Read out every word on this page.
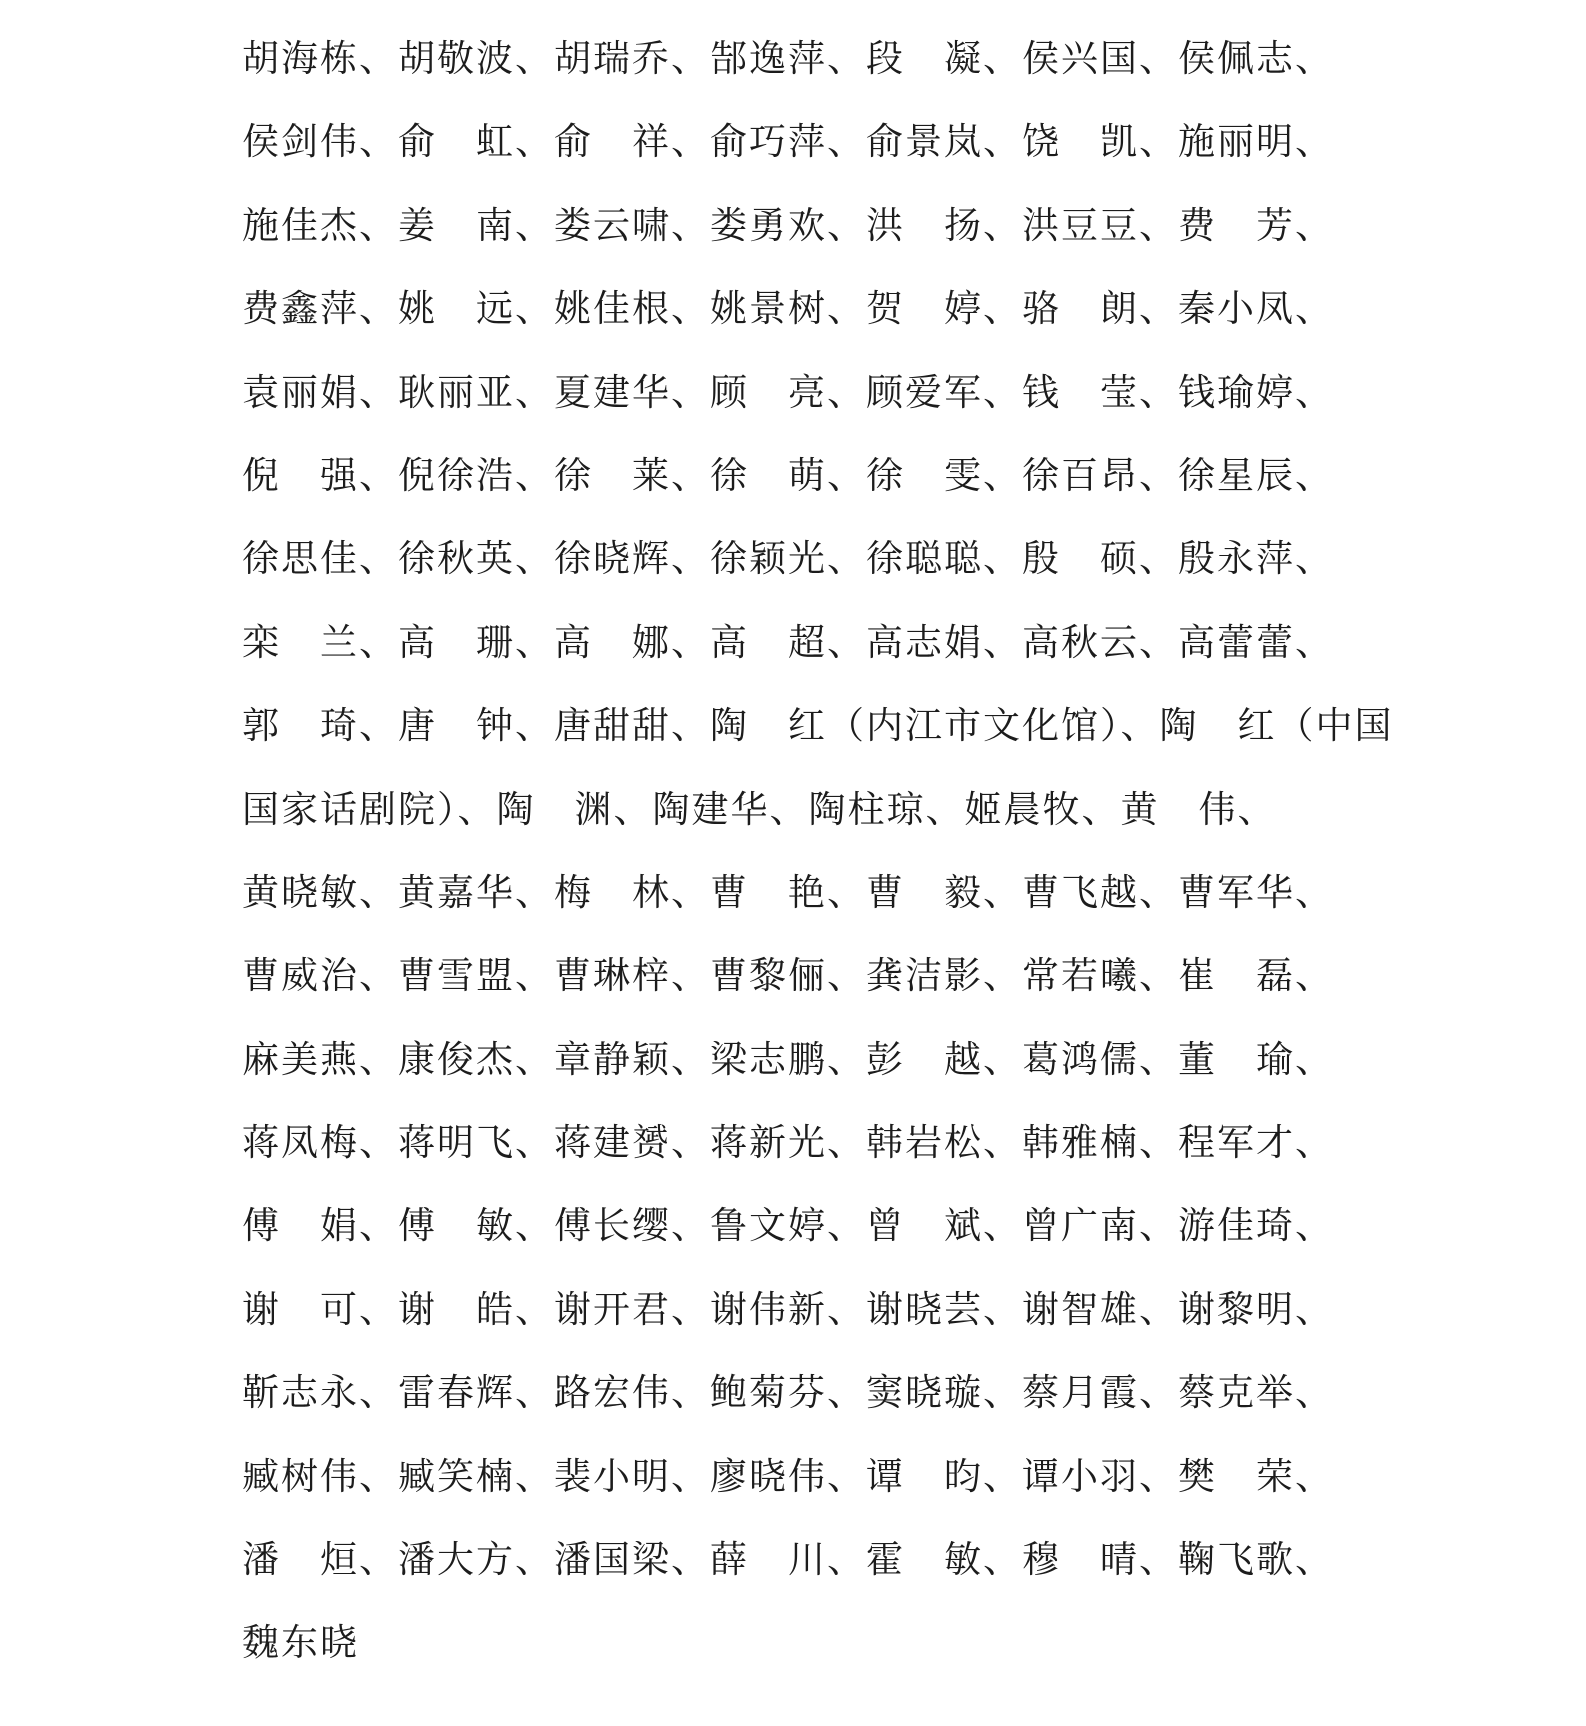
胡海栋、胡敬波、胡瑞乔、郜逸萍、段　凝、侯兴国、侯佩志、
侯剑伟、俞　虹、俞　祥、俞巧萍、俞景岚、饶　凯、施丽明、
施佳杰、姜　南、娄云啸、娄勇欢、洪　扬、洪豆豆、费　芳、
费鑫萍、姚　远、姚佳根、姚景树、贺　婷、骆　朗、秦小凤、
袁丽娟、耿丽亚、夏建华、顾　亮、顾爱军、钱　莹、钱瑜婷、
倪　强、倪徐浩、徐　莱、徐　萌、徐　雯、徐百昂、徐星辰、
徐思佳、徐秋英、徐晓辉、徐颖光、徐聪聪、殷　硕、殷永萍、
栾　兰、高　珊、高　娜、高　超、高志娟、高秋云、高蕾蕾、
郭　琦、唐　钟、唐甜甜、陶　红（内江市文化馆）、陶　红（中国
国家话剧院）、陶　渊、陶建华、陶柱琼、姬晨牧、黄　伟、
黄晓敏、黄嘉华、梅　林、曹　艳、曹　毅、曹飞越、曹军华、
曹威治、曹雪盟、曹琳梓、曹黎俪、龚洁影、常若曦、崔　磊、
麻美燕、康俊杰、章静颖、梁志鹏、彭　越、葛鸿儒、董　瑜、
蒋凤梅、蒋明飞、蒋建赟、蒋新光、韩岩松、韩雅楠、程军才、
傅　娟、傅　敏、傅长缨、鲁文婷、曾　斌、曾广南、游佳琦、
谢　可、谢　皓、谢开君、谢伟新、谢晓芸、谢智雄、谢黎明、
靳志永、雷春辉、路宏伟、鲍菊芬、窦晓璇、蔡月霞、蔡克举、
臧树伟、臧笑楠、裴小明、廖晓伟、谭　昀、谭小羽、樊　荣、
潘　烜、潘大方、潘国梁、薛　川、霍　敏、穆　晴、鞠飞歌、
魏东晓
